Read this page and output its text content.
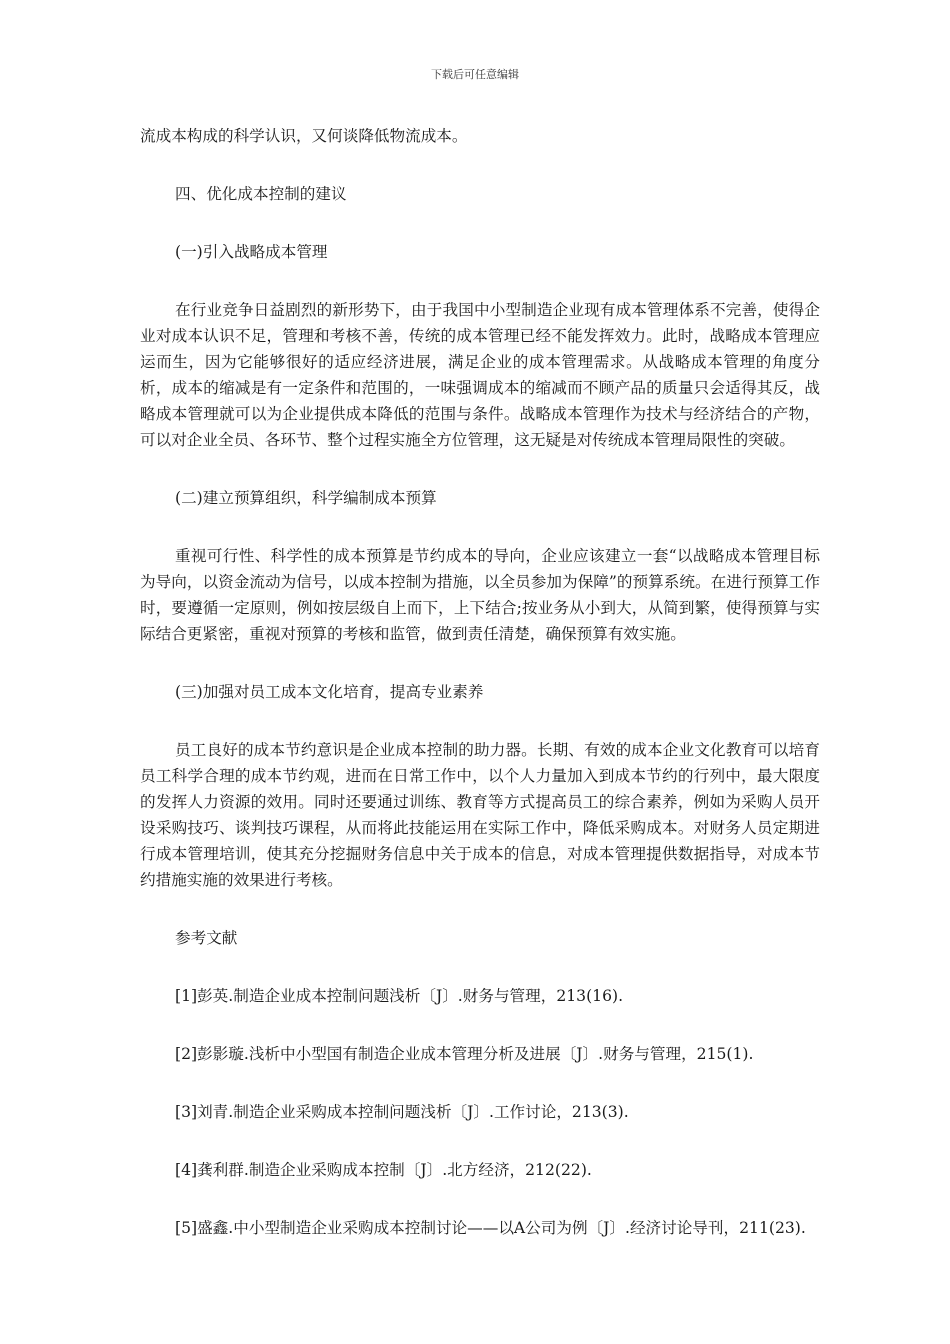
下载后可任意编辑

流成本构成的科学认识，又何谈降低物流成本。

四、优化成本控制的建议

(一)引入战略成本管理

在行业竞争日益剧烈的新形势下，由于我国中小型制造企业现有成本管理体系不完善，使得企业对成本认识不足，管理和考核不善，传统的成本管理已经不能发挥效力。此时，战略成本管理应运而生，因为它能够很好的适应经济进展，满足企业的成本管理需求。从战略成本管理的角度分析，成本的缩减是有一定条件和范围的，一味强调成本的缩减而不顾产品的质量只会适得其反，战略成本管理就可以为企业提供成本降低的范围与条件。战略成本管理作为技术与经济结合的产物，可以对企业全员、各环节、整个过程实施全方位管理，这无疑是对传统成本管理局限性的突破。

(二)建立预算组织，科学编制成本预算

重视可行性、科学性的成本预算是节约成本的导向，企业应该建立一套“以战略成本管理目标为导向，以资金流动为信号，以成本控制为措施，以全员参加为保障”的预算系统。在进行预算工作时，要遵循一定原则，例如按层级自上而下，上下结合;按业务从小到大，从简到繁，使得预算与实际结合更紧密，重视对预算的考核和监管，做到责任清楚，确保预算有效实施。

(三)加强对员工成本文化培育，提高专业素养

员工良好的成本节约意识是企业成本控制的助力器。长期、有效的成本企业文化教育可以培育员工科学合理的成本节约观，进而在日常工作中，以个人力量加入到成本节约的行列中，最大限度的发挥人力资源的效用。同时还要通过训练、教育等方式提高员工的综合素养，例如为采购人员开设采购技巧、谈判技巧课程，从而将此技能运用在实际工作中，降低采购成本。对财务人员定期进行成本管理培训，使其充分挖掘财务信息中关于成本的信息，对成本管理提供数据指导，对成本节约措施实施的效果进行考核。

参考文献

[1]彭英.制造企业成本控制问题浅析〔J〕.财务与管理，213(16).

[2]彭影璇.浅析中小型国有制造企业成本管理分析及进展〔J〕.财务与管理，215(1).

[3]刘青.制造企业采购成本控制问题浅析〔J〕.工作讨论，213(3).

[4]龚利群.制造企业采购成本控制〔J〕.北方经济，212(22).

[5]盛鑫.中小型制造企业采购成本控制讨论——以A公司为例〔J〕.经济讨论导刊，211(23).
